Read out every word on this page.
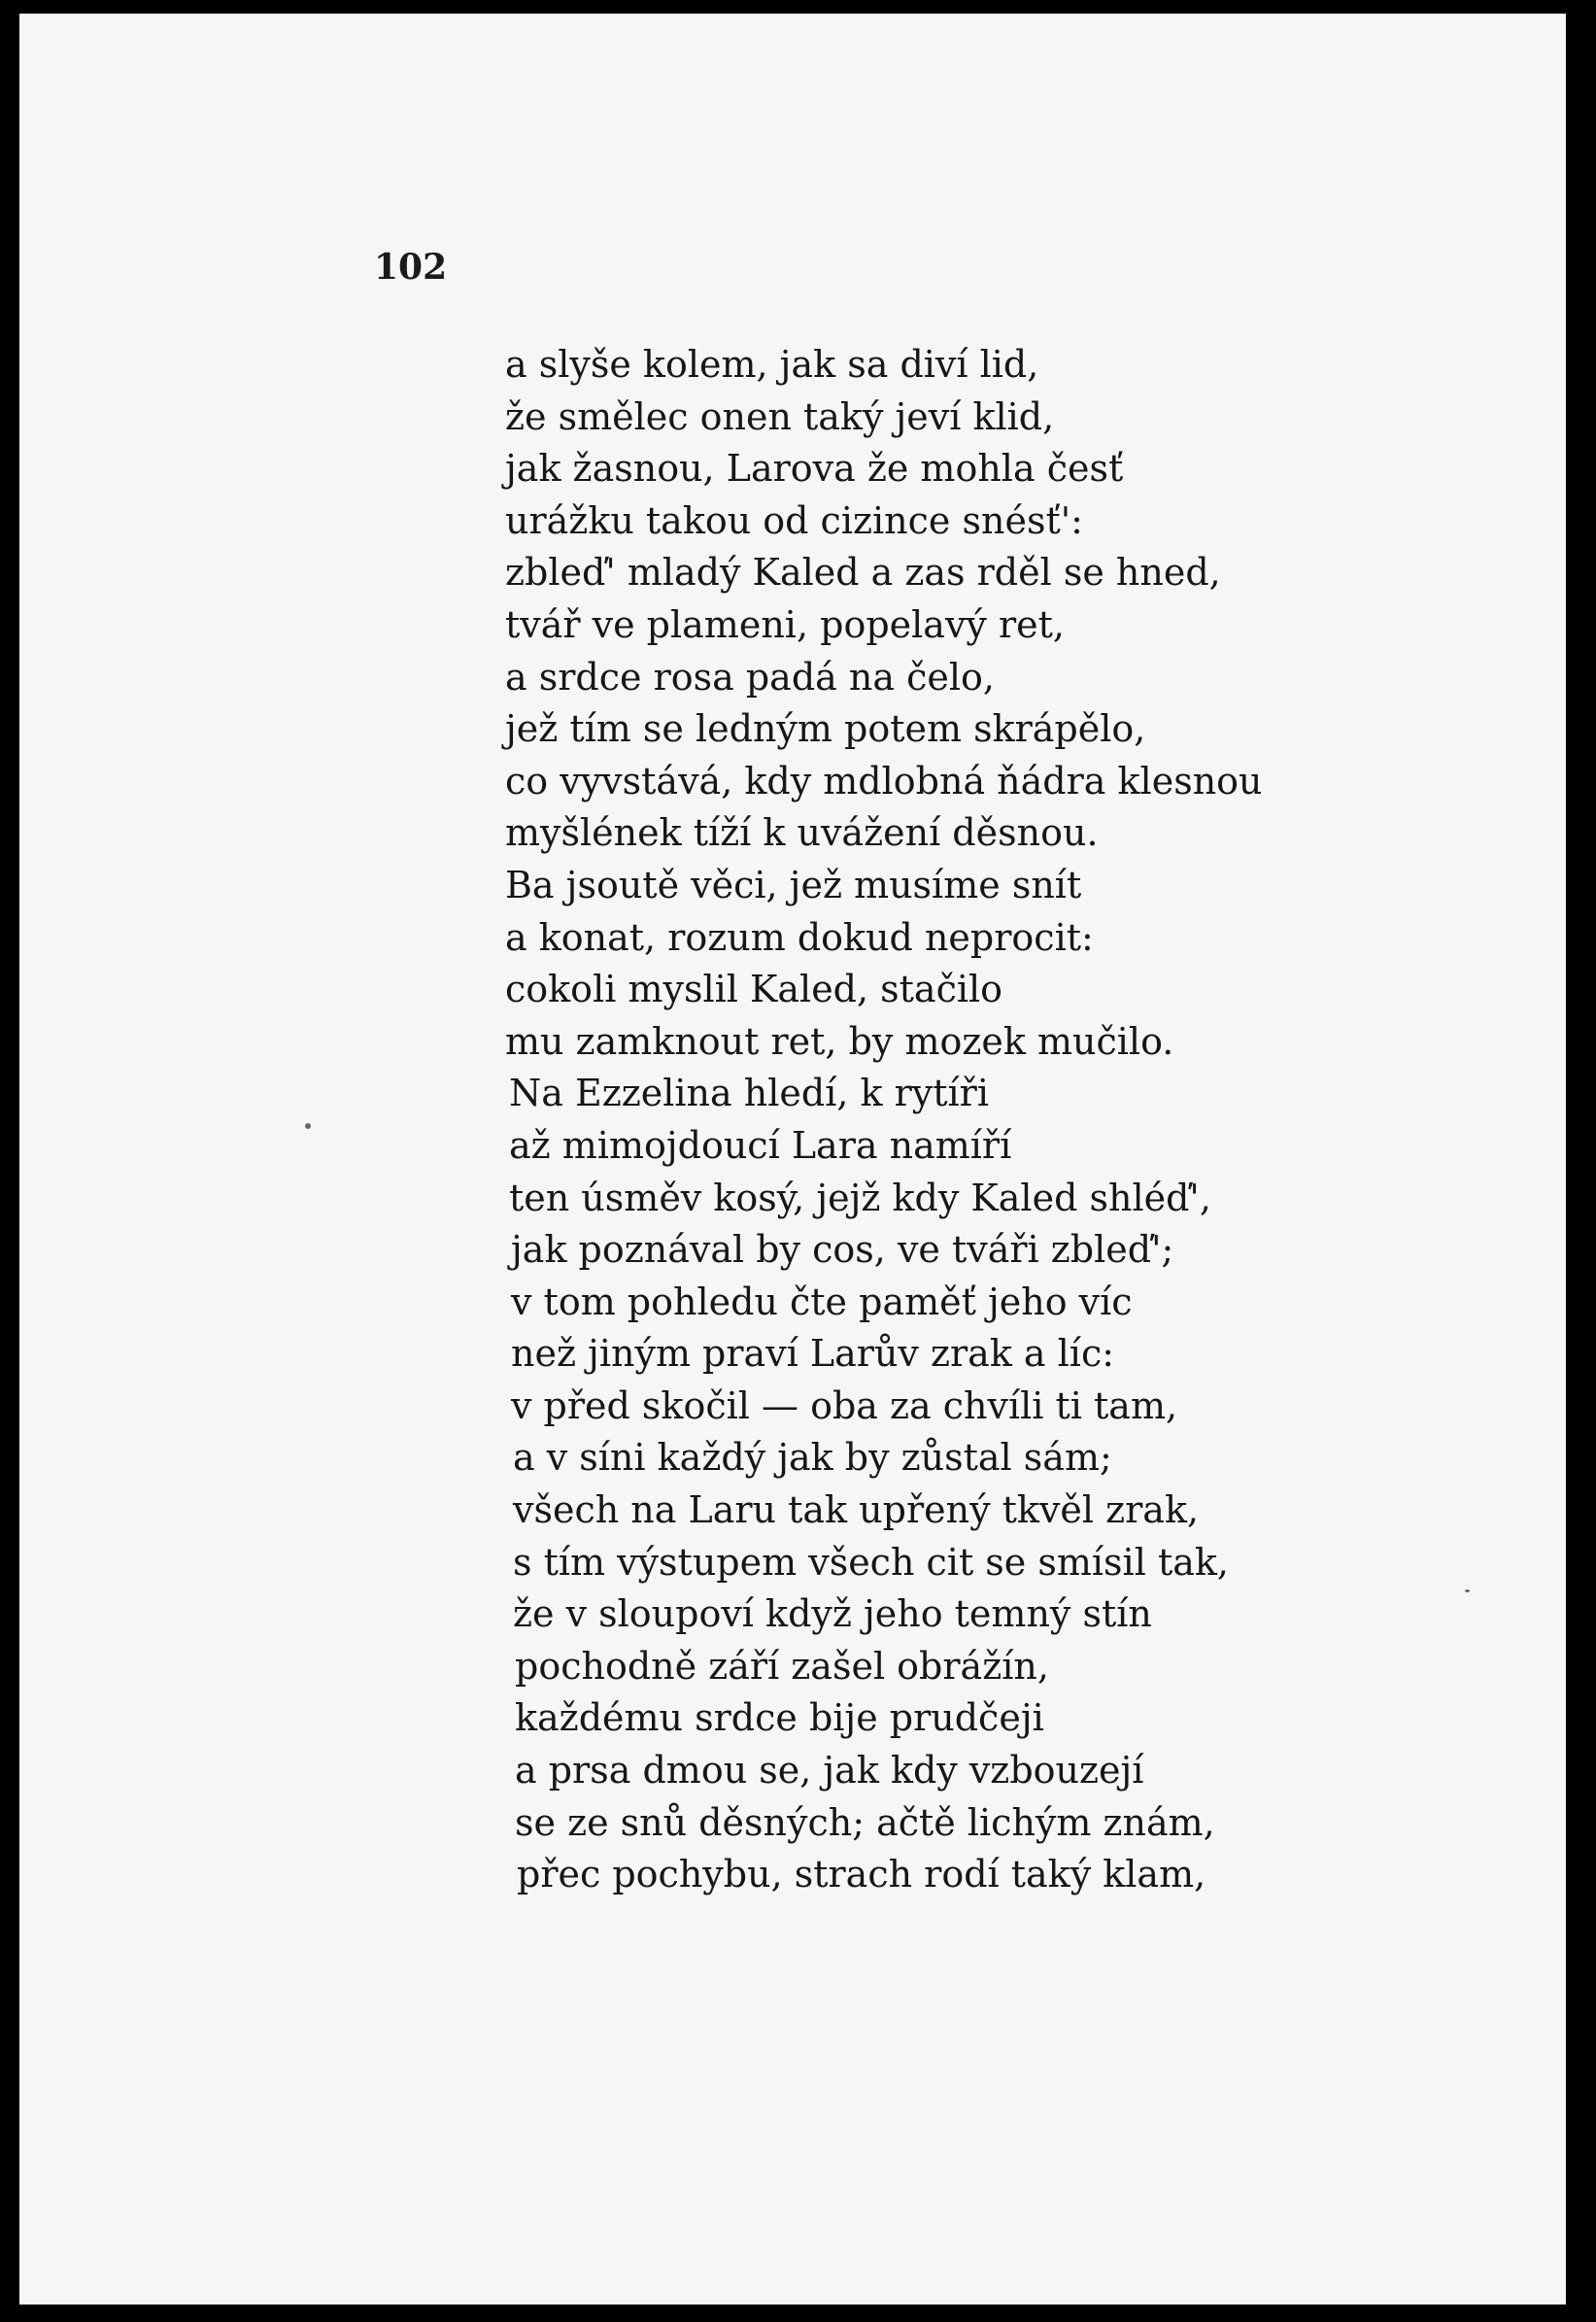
102

a slyše kolem, jak sa diví lid,
že smělec onen taký jeví klid,
jak žasnou, Larova že mohla česť
urážku takou od cizince snésť':
zbleď' mladý Kaled a zas rděl se hned,
tvář ve plameni, popelavý ret,
a srdce rosa padá na čelo,
jež tím se ledným potem skrápělo,
co vyvstává, kdy mdlobná ňádra klesnou
myšlének tíží k uvážení děsnou.
Ba jsoutě věci, jež musíme snít
a konat, rozum dokud neprocit:
cokoli myslil Kaled, stačilo
mu zamknout ret, by mozek mučilo.
Na Ezzelina hledí, k rytíři
až mimojdoucí Lara namíří
ten úsměv kosý, jejž kdy Kaled shléď',
jak poznával by cos, ve tváři zbleď';
v tom pohledu čte paměť jeho víc
než jiným praví Larův zrak a líc:
v před skočil — oba za chvíli ti tam,
a v síni každý jak by zůstal sám;
všech na Laru tak upřený tkvěl zrak,
s tím výstupem všech cit se smísil tak,
že v sloupoví když jeho temný stín
pochodně září zašel obrážín,
každému srdce bije prudčeji
a prsa dmou se, jak kdy vzbouzejí
se ze snů děsných; ačtě lichým znám,
přec pochybu, strach rodí taký klam,
